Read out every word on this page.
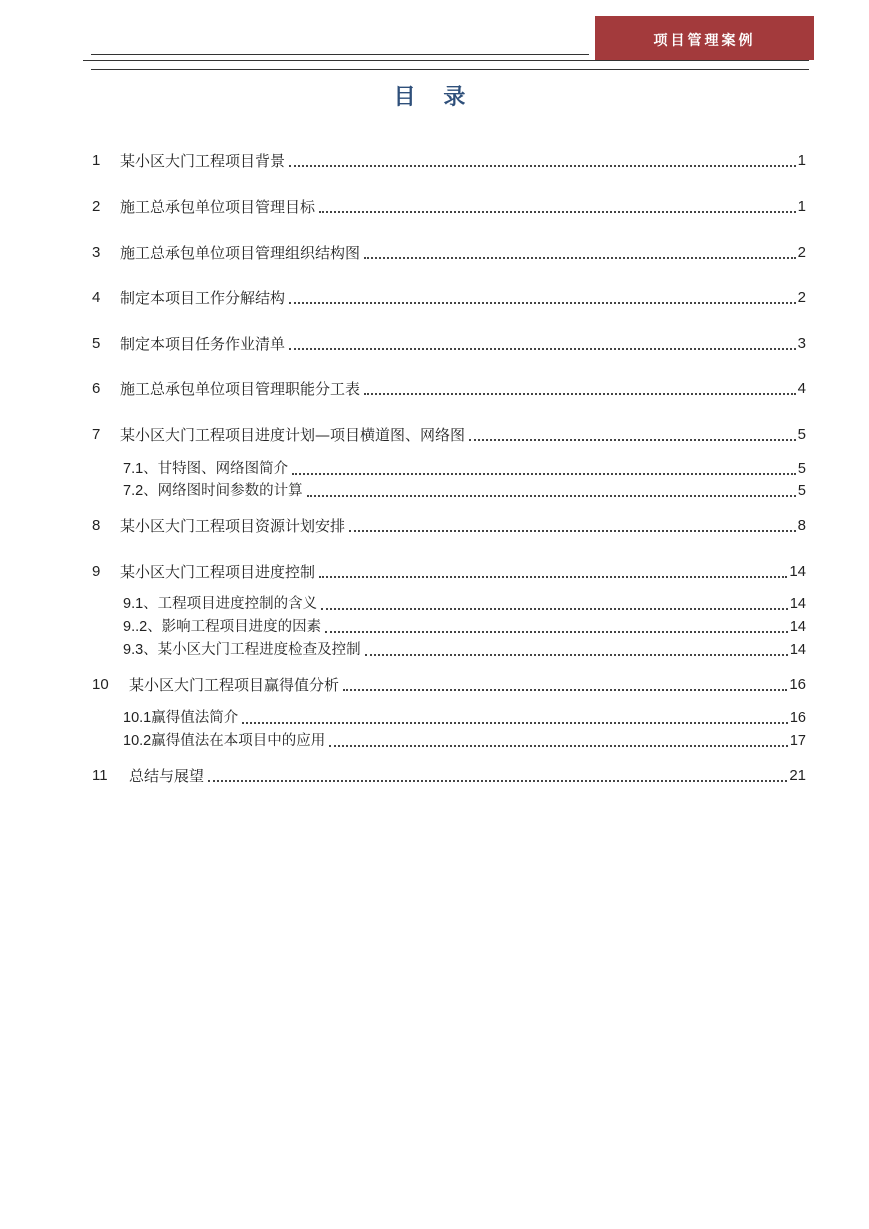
项目管理案例
目 录
1	某小区大门工程项目背景	1
2	施工总承包单位项目管理目标	1
3	施工总承包单位项目管理组织结构图	2
4	制定本项目工作分解结构	2
5	制定本项目任务作业清单	3
6	施工总承包单位项目管理职能分工表	4
7	某小区大门工程项目进度计划—项目横道图、网络图	5
7.1 、甘特图、网络图简介	5
7.2 、网络图时间参数的计算	5
8	某小区大门工程项目资源计划安排	8
9	某小区大门工程项目进度控制	14
9.1 、工程项目进度控制的含义	14
9..2 、影响工程项目进度的因素	14
9.3 、某小区大门工程进度检查及控制	14
10	某小区大门工程项目赢得值分析	16
10.1 赢得值法简介	16
10.2 赢得值法在本项目中的应用	17
11	总结与展望	21
